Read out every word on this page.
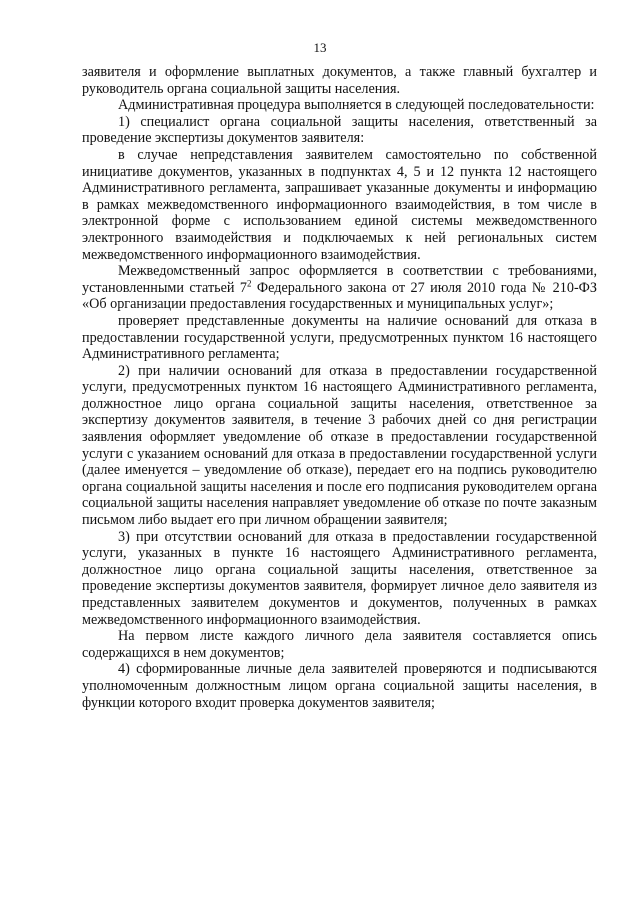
13

заявителя и оформление выплатных документов, а также главный бухгалтер и руководитель органа социальной защиты населения.

Административная процедура выполняется в следующей последовательности:

1) специалист органа социальной защиты населения, ответственный за проведение экспертизы документов заявителя:

в случае непредставления заявителем самостоятельно по собственной инициативе документов, указанных в подпунктах 4, 5 и 12 пункта 12 настоящего Административного регламента, запрашивает указанные документы и информацию в рамках межведомственного информационного взаимодействия, в том числе в электронной форме с использованием единой системы межведомственного электронного взаимодействия и подключаемых к ней региональных систем межведомственного информационного взаимодействия.

Межведомственный запрос оформляется в соответствии с требованиями, установленными статьей $7^2$ Федерального закона от 27 июля 2010 года № 210-ФЗ «Об организации предоставления государственных и муниципальных услуг»;

проверяет представленные документы на наличие оснований для отказа в предоставлении государственной услуги, предусмотренных пунктом 16 настоящего Административного регламента;

2) при наличии оснований для отказа в предоставлении государственной услуги, предусмотренных пунктом 16 настоящего Административного регламента, должностное лицо органа социальной защиты населения, ответственное за экспертизу документов заявителя, в течение 3 рабочих дней со дня регистрации заявления оформляет уведомление об отказе в предоставлении государственной услуги с указанием оснований для отказа в предоставлении государственной услуги (далее именуется – уведомление об отказе), передает его на подпись руководителю органа социальной защиты населения и после его подписания руководителем органа социальной защиты населения направляет уведомление об отказе по почте заказным письмом либо выдает его при личном обращении заявителя;

3) при отсутствии оснований для отказа в предоставлении государственной услуги, указанных в пункте 16 настоящего Административного регламента, должностное лицо органа социальной защиты населения, ответственное за проведение экспертизы документов заявителя, формирует личное дело заявителя из представленных заявителем документов и документов, полученных в рамках межведомственного информационного взаимодействия.

На первом листе каждого личного дела заявителя составляется опись содержащихся в нем документов;

4) сформированные личные дела заявителей проверяются и подписываются уполномоченным должностным лицом органа социальной защиты населения, в функции которого входит проверка документов заявителя;
